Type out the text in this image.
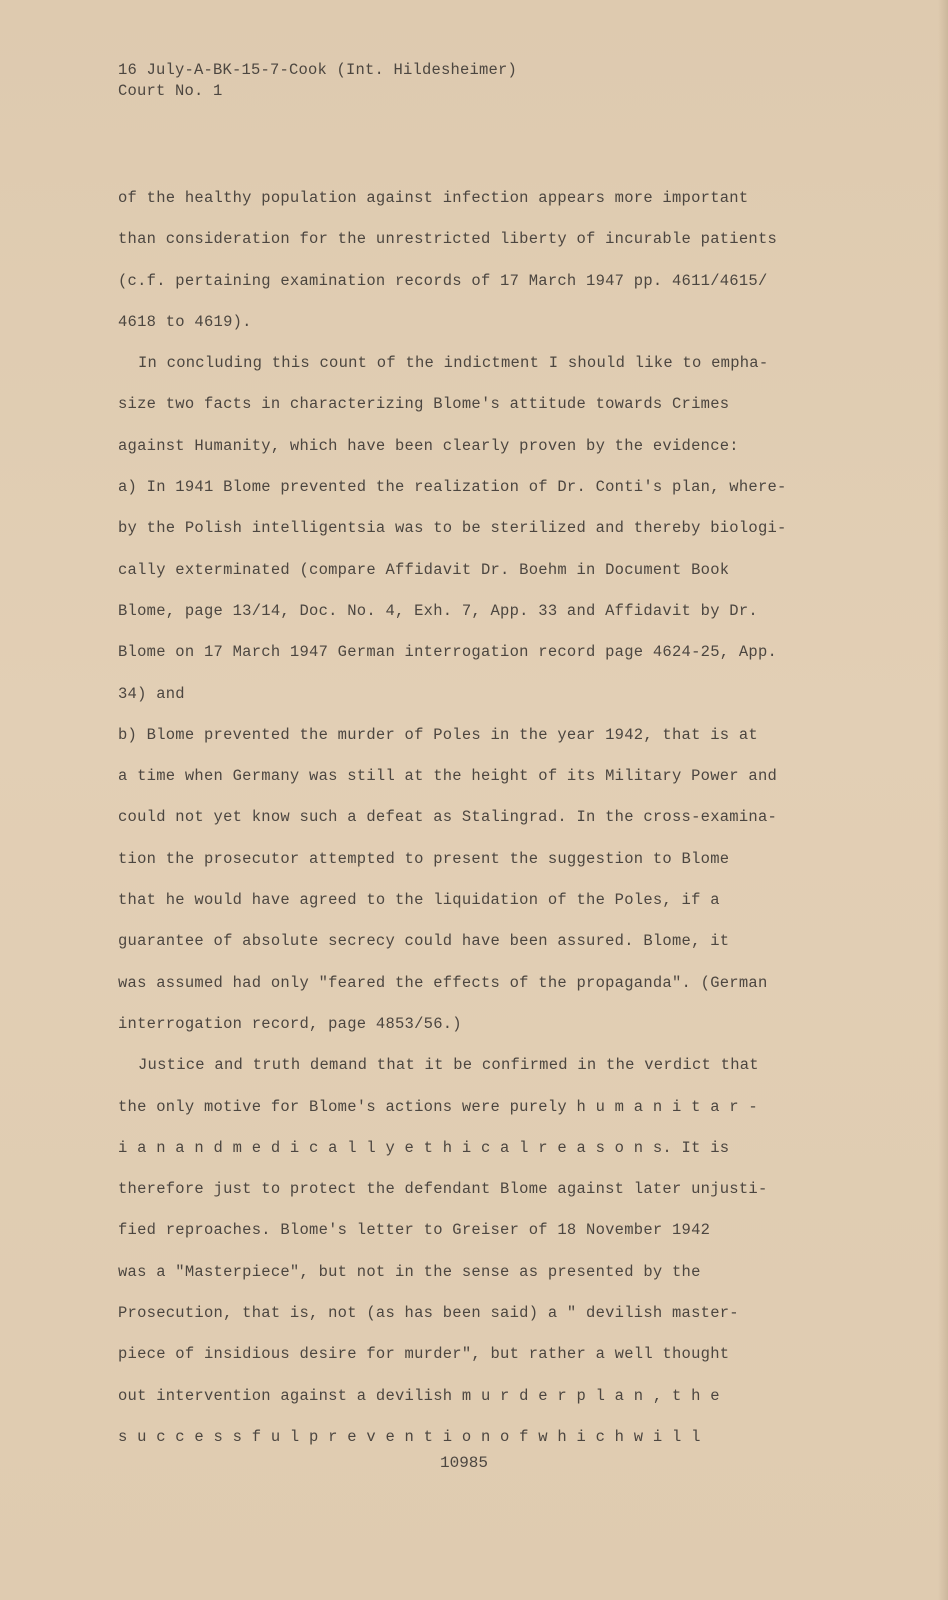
16 July-A-BK-15-7-Cook (Int. Hildesheimer)
Court No. 1
of the healthy population against infection appears more important
than consideration for the unrestricted liberty of incurable patients
(c.f. pertaining examination records of 17 March 1947 pp. 4611/4615/
4618 to 4619).
In concluding this count of the indictment I should like to empha-
size two facts in characterizing Blome's attitude towards Crimes
against Humanity, which have been clearly proven by the evidence:
a) In 1941 Blome prevented the realization of Dr. Conti's plan, where-
by the Polish intelligentsia was to be sterilized and thereby biologi-
cally exterminated (compare Affidavit Dr. Boehm in Document Book
Blome, page 13/14, Doc. No. 4, Exh. 7, App. 33 and Affidavit by Dr.
Blome on 17 March 1947 German interrogation record page 4624-25, App.
34) and
b) Blome prevented the murder of Poles in the year 1942, that is at
a time when Germany was still at the height of its Military Power and
could not yet know such a defeat as Stalingrad. In the cross-examina-
tion the prosecutor attempted to present the suggestion to Blome
that he would have agreed to the liquidation of the Poles, if a
guarantee of absolute secrecy could have been assured. Blome, it
was assumed had only "feared the effects of the propaganda". (German
interrogation record, page 4853/56.)
Justice and truth demand that it be confirmed in the verdict that
the only motive for Blome's actions were purely h u m a n i t a r -
i a n a n d m e d i c a l l y e t h i c a l r e a s o n s. It is
therefore just to protect the defendant Blome against later unjusti-
fied reproaches. Blome's letter to Greiser of 18 November 1942
was a "Masterpiece", but not in the sense as presented by the
Prosecution, that is, not (as has been said) a " devilish master-
piece of insidious desire for murder", but rather a well thought
out intervention against a devilish m u r d e r p l a n , t h e
s u c c e s s f u l p r e v e n t i o n o f w h i c h w i l l
10985
